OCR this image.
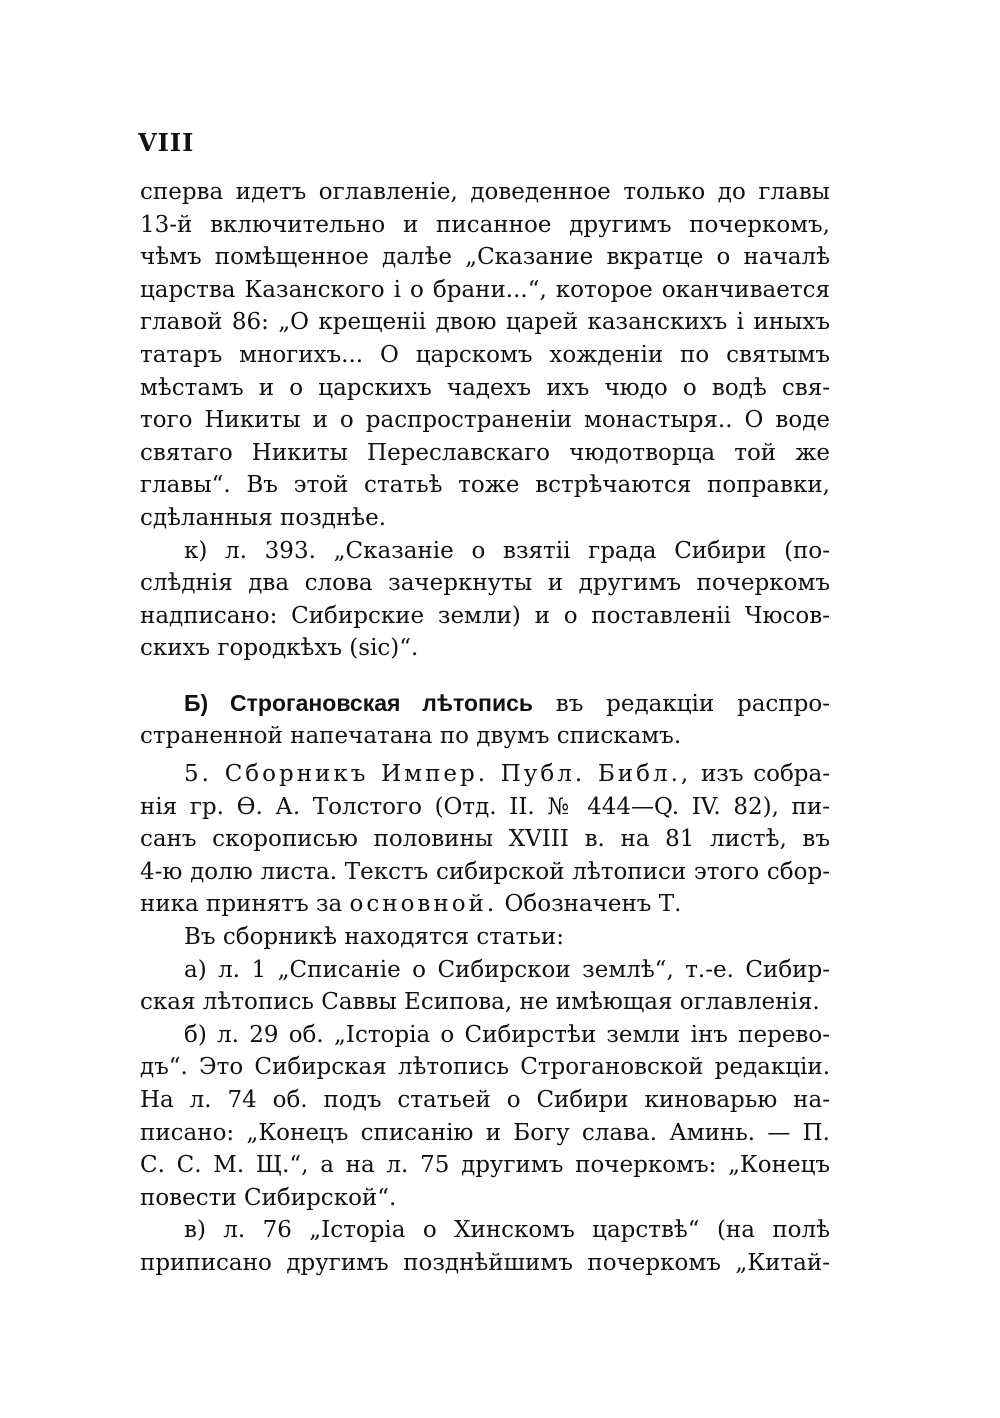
VIII
сперва идетъ оглавленіе, доведенное только до главы
13-й включительно и писанное другимъ почеркомъ,
чѣмъ помѣщенное далѣе „Сказание вкратце о началѣ
царства Казанского і о брани...“, которое оканчивается
главой 86: „О крещеніі двою царей казанскихъ і иныхъ
татаръ многихъ... О царскомъ хожденіи по святымъ
мѣстамъ и о царскихъ чадехъ ихъ чюдо о водѣ свя-
того Никиты и о распространеніи монастыря.. О воде
святаго Никиты Переславскаго чюдотворца той же
главы“. Въ этой статьѣ тоже встрѣчаются поправки,
сдѣланныя позднѣе.
к) л. 393. „Сказаніе о взятіі града Сибири (по-
слѣднія два слова зачеркнуты и другимъ почеркомъ
надписано: Сибирские земли) и о поставленіі Чюсов-
скихъ городкѣхъ (sic)“.
Б) Строгановская лѣтопись въ редакціи распро-
страненной напечатана по двумъ спискамъ.
5. Сборникъ Импер. Публ. Библ., изъ собра-
нія гр. Ѳ. А. Толстого (Отд. II. № 444—Q. IV. 82), пи-
санъ скорописью половины XVIII в. на 81 листѣ, въ
4-ю долю листа. Текстъ сибирской лѣтописи этого сбор-
ника принятъ за основной. Обозначенъ Т.
Въ сборникѣ находятся статьи:
а) л. 1 „Списаніе о Сибирскои землѣ“, т.-е. Сибир-
ская лѣтопись Саввы Есипова, не имѣющая оглавленія.
б) л. 29 об. „Історіа о Сибирстѣи земли інъ перево-
дъ“. Это Сибирская лѣтопись Строгановской редакціи.
На л. 74 об. подъ статьей о Сибири киноварью на-
писано: „Конецъ списанію и Богу слава. Аминь. — П.
С. С. М. Щ.“, а на л. 75 другимъ почеркомъ: „Конецъ
повести Сибирской“.
в) л. 76 „Історіа о Хинскомъ царствѣ“ (на полѣ
приписано другимъ позднѣйшимъ почеркомъ „Китай-
